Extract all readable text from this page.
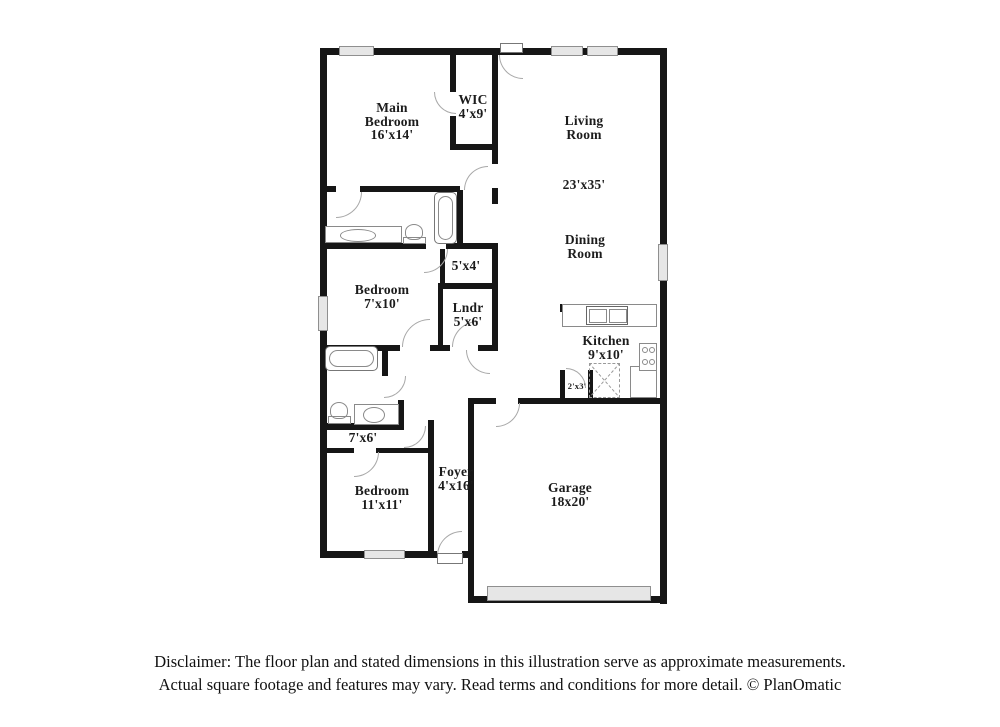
Main
Bedroom
16'x14'
WIC
4'x9'	Living
Room
23'x35'
Dining
Room
5'x4'
Bedroom
7'x10'	Lndr
5'x6'
Kitchen
9'x10'
2'x3'
7'x6'
Bedroom
11'x11'
Foyer
4'x16'	Garage
18x20'
Disclaimer: The floor plan and stated dimensions in this illustration serve as approximate measurements.
Actual square footage and features may vary. Read terms and conditions for more detail. © PlanOmatic
